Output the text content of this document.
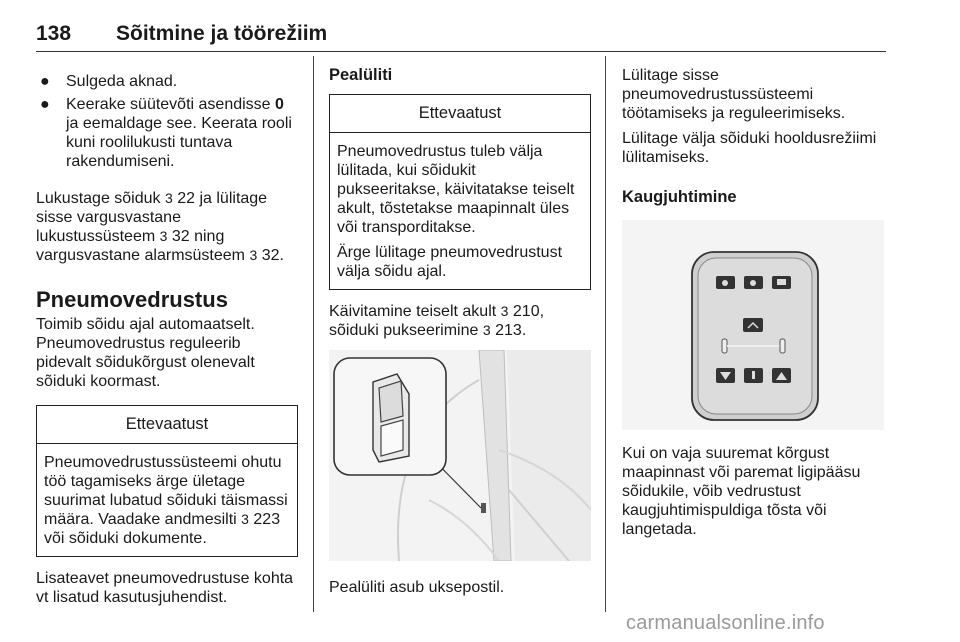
138 Sõitmine ja töörežiim
● Sulgeda aknad.
● Keerake süütevõti asendisse 0 ja eemaldage see. Keerata rooli kuni roolilukusti tuntava rakendumiseni.

Lukustage sõiduk 3 22 ja lülitage sisse vargusvastane lukustussüsteem 3 32 ning vargusvastane alarmsüsteem 3 32.

Pneumovedrustus

Toimib sõidu ajal automaatselt. Pneumovedrustus reguleerib pidevalt sõidukõrgust olenevalt sõiduki koormast.

Ettevaatust

Pneumovedrustussüsteemi ohutu töö tagamiseks ärge ületage suurimat lubatud sõiduki täismassi määra. Vaadake andmesilti 3 223 või sõiduki dokumente.

Lisateavet pneumovedrustuse kohta vt lisatud kasutusjuhendist.

Pealüliti
Ettevaatust

Pneumovedrustus tuleb välja lülitada, kui sõidukit pukseeritakse, käivitatakse teiselt akult, tõstetakse maapinnalt üles või transporditakse.

Ärge lülitage pneumovedrustust välja sõidu ajal.

Käivitamine teiselt akult 3 210,
sõiduki pukseerimine 3 213.

Pealüliti asub uksepostil.

Lülitage sisse pneumovedrustussüsteemi töötamiseks ja reguleerimiseks.

Lülitage välja sõiduki hooldusrežiimi lülitamiseks.

Kaugjuhtimine

Kui on vaja suuremat kõrgust maapinnast või paremat ligipääsu sõidukile, võib vedrustust kaugjuhtimispuldiga tõsta või langetada.

carmanualsonline.info
